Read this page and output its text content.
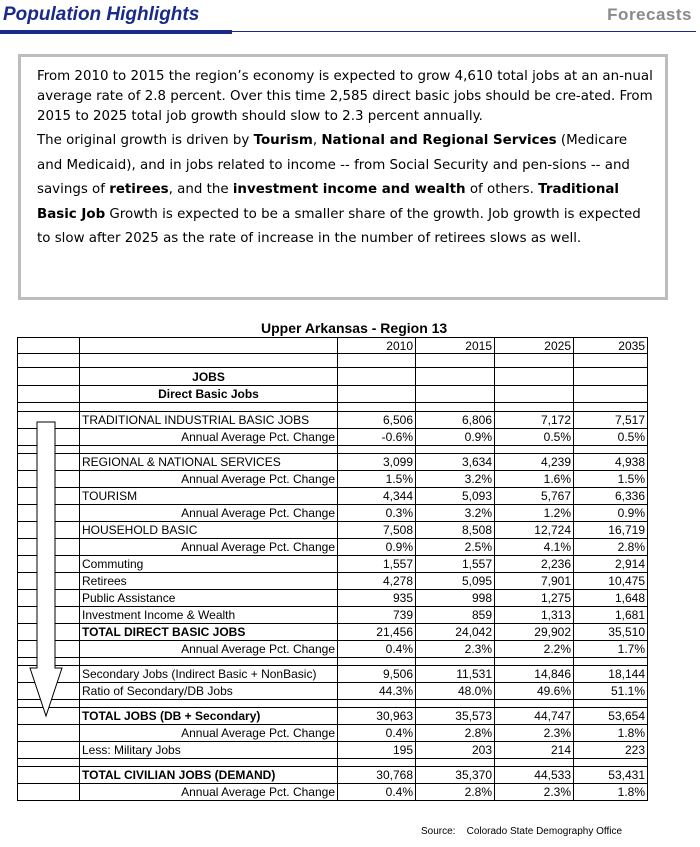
Population Highlights	Forecasts

From 2010 to 2015 the region’s economy is expected to grow 4,610 total jobs at an an-nual average rate of 2.8 percent. Over this time 2,585 direct basic jobs should be cre-ated. From 2015 to 2025 total job growth should slow to 2.3 percent annually.

The original growth is driven by Tourism, National and Regional Services (Medicare and Medicaid), and in jobs related to income -- from Social Security and pen-sions -- and savings of retirees, and the investment income and wealth of others. Traditional Basic Job Growth is expected to be a smaller share of the growth. Job growth is expected to slow after 2025 as the rate of increase in the number of retirees slows as well.

Upper Arkansas - Region 13
		2010	2015	2025	2035

	JOBS				
	Direct Basic Jobs				

	TRADITIONAL INDUSTRIAL BASIC JOBS	6,506	6,806	7,172	7,517
	Annual Average Pct. Change	-0.6%	0.9%	0.5%	0.5%

	REGIONAL & NATIONAL SERVICES	3,099	3,634	4,239	4,938
	Annual Average Pct. Change	1.5%	3.2%	1.6%	1.5%
	TOURISM	4,344	5,093	5,767	6,336
	Annual Average Pct. Change	0.3%	3.2%	1.2%	0.9%
	HOUSEHOLD BASIC	7,508	8,508	12,724	16,719
	Annual Average Pct. Change	0.9%	2.5%	4.1%	2.8%
	Commuting	1,557	1,557	2,236	2,914
	Retirees	4,278	5,095	7,901	10,475
	Public Assistance	935	998	1,275	1,648
	Investment Income & Wealth	739	859	1,313	1,681
	TOTAL DIRECT BASIC JOBS	21,456	24,042	29,902	35,510
	Annual Average Pct. Change	0.4%	2.3%	2.2%	1.7%

	Secondary Jobs (Indirect Basic + NonBasic)	9,506	11,531	14,846	18,144
	Ratio of Secondary/DB Jobs	44.3%	48.0%	49.6%	51.1%

	TOTAL JOBS (DB + Secondary)	30,963	35,573	44,747	53,654
	Annual Average Pct. Change	0.4%	2.8%	2.3%	1.8%
	Less: Military Jobs	195	203	214	223

	TOTAL CIVILIAN JOBS (DEMAND)	30,768	35,370	44,533	53,431
	Annual Average Pct. Change	0.4%	2.8%	2.3%	1.8%
Source: Colorado State Demography Office
